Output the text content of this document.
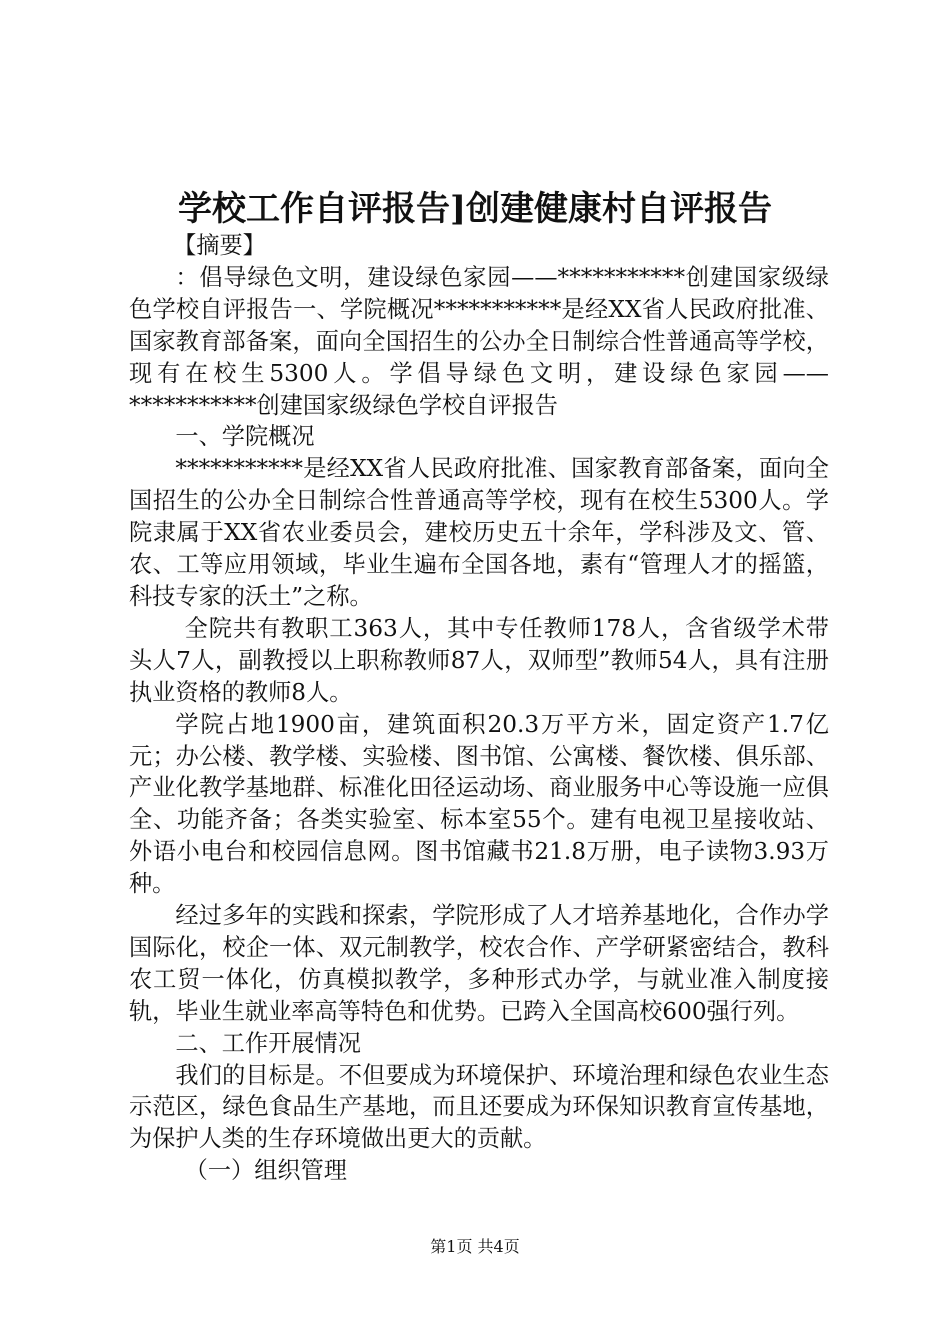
学校工作自评报告]创建健康村自评报告

【摘要】

：倡导绿色文明，建设绿色家园——***********创建国家级绿色学校自评报告一、学院概况***********是经XX省人民政府批准、国家教育部备案，面向全国招生的公办全日制综合性普通高等学校，现有在校生5300人。学倡导绿色文明，建设绿色家园——***********创建国家级绿色学校自评报告

一、学院概况

***********是经XX省人民政府批准、国家教育部备案，面向全国招生的公办全日制综合性普通高等学校，现有在校生5300人。学院隶属于XX省农业委员会，建校历史五十余年，学科涉及文、管、农、工等应用领域，毕业生遍布全国各地，素有“管理人才的摇篮，科技专家的沃土”之称。

全院共有教职工363人，其中专任教师178人，含省级学术带头人7人，副教授以上职称教师87人，双师型”教师54人，具有注册执业资格的教师8人。

学院占地1900亩，建筑面积20.3万平方米，固定资产1.7亿元；办公楼、教学楼、实验楼、图书馆、公寓楼、餐饮楼、俱乐部、产业化教学基地群、标准化田径运动场、商业服务中心等设施一应俱全、功能齐备；各类实验室、标本室55个。建有电视卫星接收站、外语小电台和校园信息网。图书馆藏书21.8万册，电子读物3.93万种。

经过多年的实践和探索，学院形成了人才培养基地化，合作办学国际化，校企一体、双元制教学，校农合作、产学研紧密结合，教科农工贸一体化，仿真模拟教学，多种形式办学，与就业准入制度接轨，毕业生就业率高等特色和优势。已跨入全国高校600强行列。

二、工作开展情况

我们的目标是。不但要成为环境保护、环境治理和绿色农业生态示范区，绿色食品生产基地，而且还要成为环保知识教育宣传基地，为保护人类的生存环境做出更大的贡献。

（一）组织管理

第1页 共4页
